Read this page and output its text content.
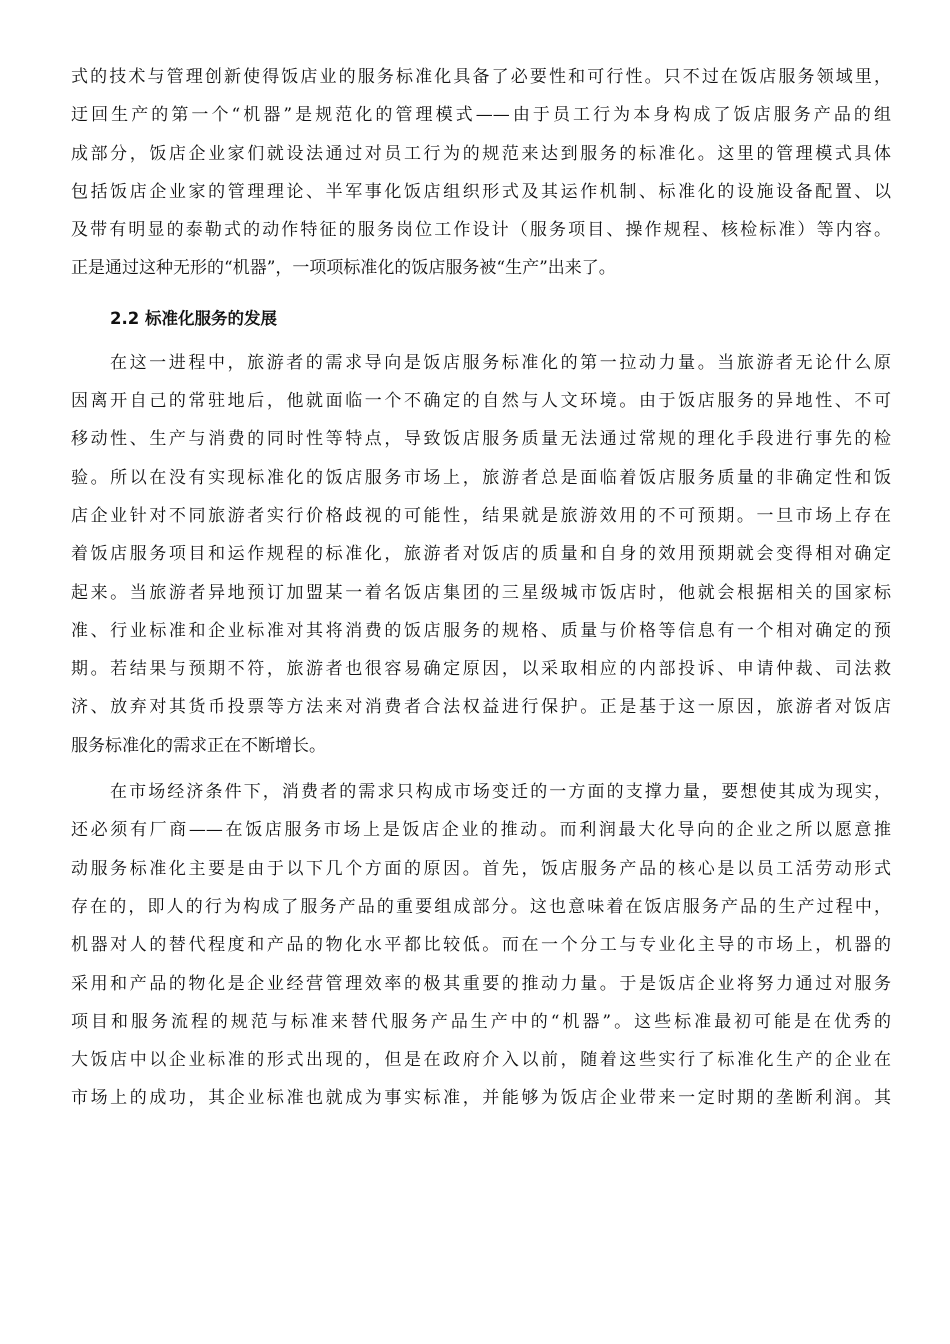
式的技术与管理创新使得饭店业的服务标准化具备了必要性和可行性。只不过在饭店服务领域里，
迂回生产的第一个“机器”是规范化的管理模式——由于员工行为本身构成了饭店服务产品的组
成部分，饭店企业家们就设法通过对员工行为的规范来达到服务的标准化。这里的管理模式具体
包括饭店企业家的管理理论、半军事化饭店组织形式及其运作机制、标准化的设施设备配置、以
及带有明显的泰勒式的动作特征的服务岗位工作设计（服务项目、操作规程、核检标准）等内容。
正是通过这种无形的“机器”，一项项标准化的饭店服务被“生产”出来了。
2.2 标准化服务的发展
在这一进程中，旅游者的需求导向是饭店服务标准化的第一拉动力量。当旅游者无论什么原
因离开自己的常驻地后，他就面临一个不确定的自然与人文环境。由于饭店服务的异地性、不可
移动性、生产与消费的同时性等特点，导致饭店服务质量无法通过常规的理化手段进行事先的检
验。所以在没有实现标准化的饭店服务市场上，旅游者总是面临着饭店服务质量的非确定性和饭
店企业针对不同旅游者实行价格歧视的可能性，结果就是旅游效用的不可预期。一旦市场上存在
着饭店服务项目和运作规程的标准化，旅游者对饭店的质量和自身的效用预期就会变得相对确定
起来。当旅游者异地预订加盟某一着名饭店集团的三星级城市饭店时，他就会根据相关的国家标
准、行业标准和企业标准对其将消费的饭店服务的规格、质量与价格等信息有一个相对确定的预
期。若结果与预期不符，旅游者也很容易确定原因，以采取相应的内部投诉、申请仲裁、司法救
济、放弃对其货币投票等方法来对消费者合法权益进行保护。正是基于这一原因，旅游者对饭店
服务标准化的需求正在不断增长。
在市场经济条件下，消费者的需求只构成市场变迁的一方面的支撑力量，要想使其成为现实，
还必须有厂商——在饭店服务市场上是饭店企业的推动。而利润最大化导向的企业之所以愿意推
动服务标准化主要是由于以下几个方面的原因。首先，饭店服务产品的核心是以员工活劳动形式
存在的，即人的行为构成了服务产品的重要组成部分。这也意味着在饭店服务产品的生产过程中，
机器对人的替代程度和产品的物化水平都比较低。而在一个分工与专业化主导的市场上，机器的
采用和产品的物化是企业经营管理效率的极其重要的推动力量。于是饭店企业将努力通过对服务
项目和服务流程的规范与标准来替代服务产品生产中的“机器”。这些标准最初可能是在优秀的
大饭店中以企业标准的形式出现的，但是在政府介入以前，随着这些实行了标准化生产的企业在
市场上的成功，其企业标准也就成为事实标准，并能够为饭店企业带来一定时期的垄断利润。其
